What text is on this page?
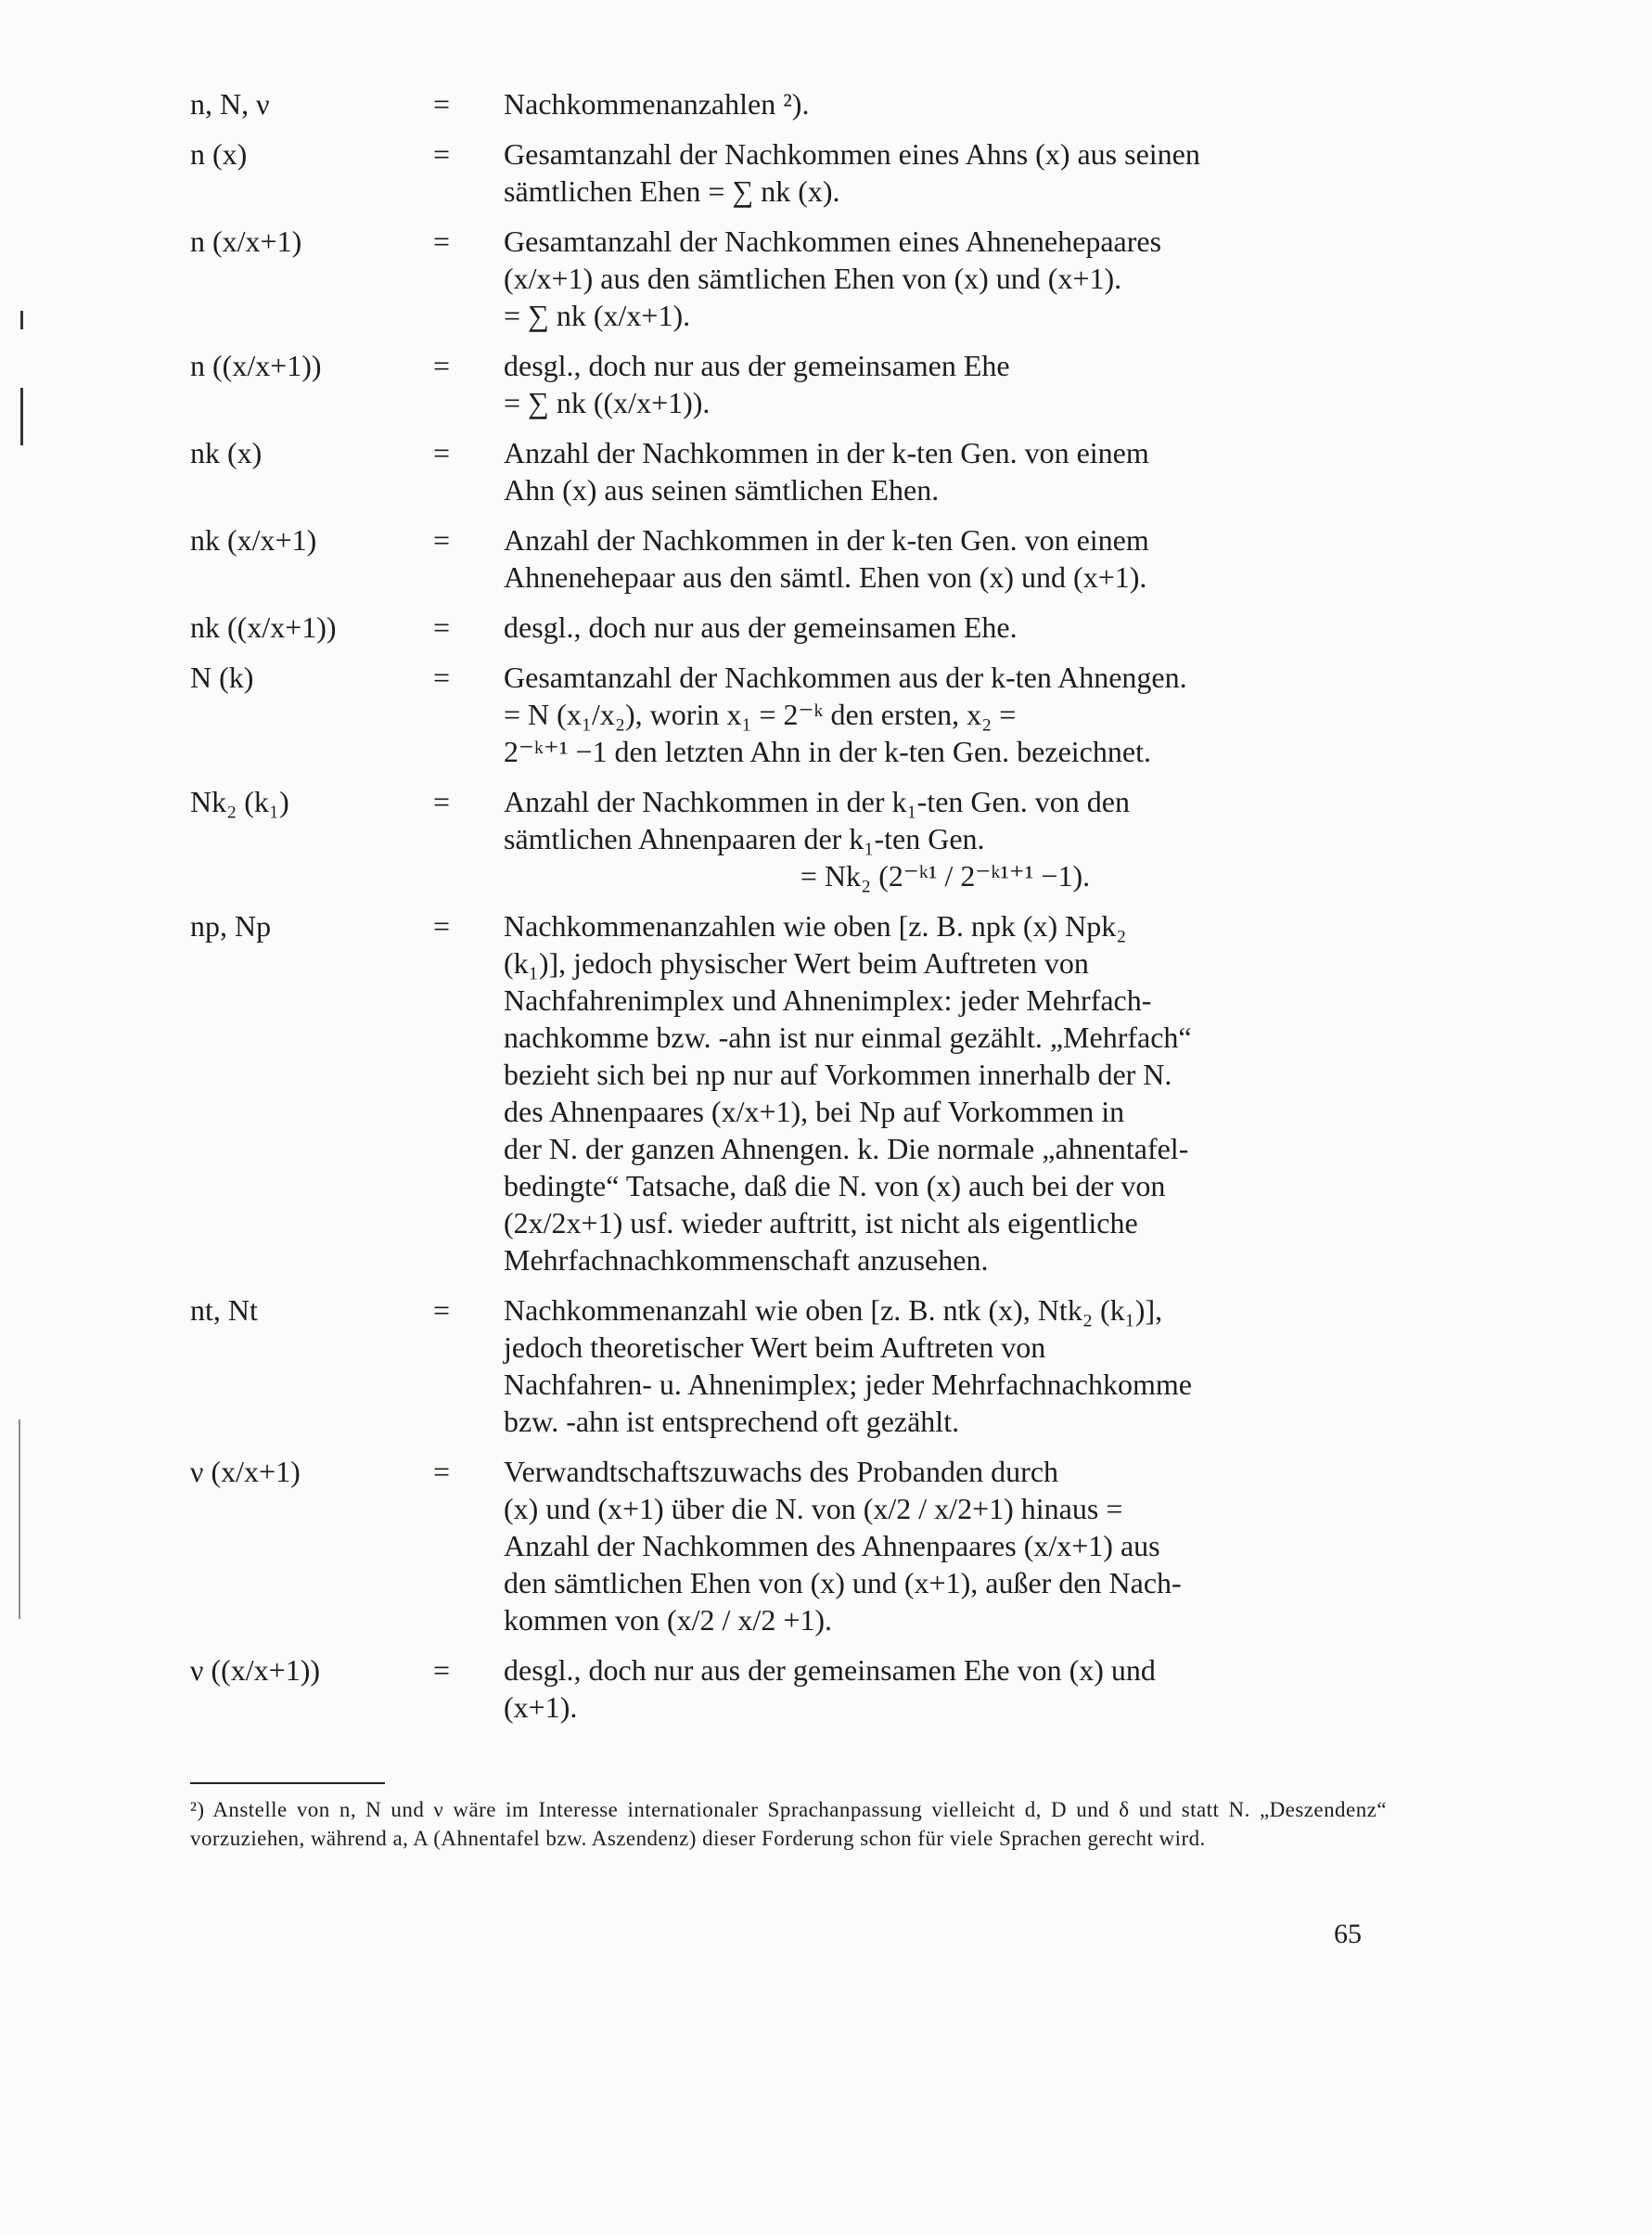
n, N, ν	= Nachkommenanzahlen ²).
n (x)	= Gesamtanzahl der Nachkommen eines Ahns (x) aus seinen
sämtlichen Ehen = ∑ nk (x).
n (x/x+1)	= Gesamtanzahl der Nachkommen eines Ahnenehepaares
(x/x+1) aus den sämtlichen Ehen von (x) und (x+1).
= ∑ nk (x/x+1).
n ((x/x+1))	= desgl., doch nur aus der gemeinsamen Ehe
= ∑ nk ((x/x+1)).
nk (x)	= Anzahl der Nachkommen in der k-ten Gen. von einem
Ahn (x) aus seinen sämtlichen Ehen.
nk (x/x+1)	= Anzahl der Nachkommen in der k-ten Gen. von einem
Ahnenehepaar aus den sämtl. Ehen von (x) und (x+1).
nk ((x/x+1))	= desgl., doch nur aus der gemeinsamen Ehe.
N (k)	= Gesamtanzahl der Nachkommen aus der k-ten Ahnengen.
= N (x₁/x₂), worin x₁ = 2⁻ᵏ den ersten, x₂ =
2⁻ᵏ⁺¹ −1 den letzten Ahn in der k-ten Gen. bezeichnet.
Nk₂ (k₁)	= Anzahl der Nachkommen in der k₁-ten Gen. von den
sämtlichen Ahnenpaaren der k₁-ten Gen.
= Nk₂ (2⁻ᵏ¹ / 2⁻ᵏ¹⁺¹ −1).
np, Np	= Nachkommenanzahlen wie oben [z. B. npk (x) Npk₂
(k₁)], jedoch physischer Wert beim Auftreten von
Nachfahrenimplex und Ahnenimplex: jeder Mehrfach-
nachkomme bzw. -ahn ist nur einmal gezählt. „Mehrfach“
bezieht sich bei np nur auf Vorkommen innerhalb der N.
des Ahnenpaares (x/x+1), bei Np auf Vorkommen in
der N. der ganzen Ahnengen. k. Die normale „ahnentafel-
bedingte“ Tatsache, daß die N. von (x) auch bei der von
(2x/2x+1) usf. wieder auftritt, ist nicht als eigentliche
Mehrfachnachkommenschaft anzusehen.
nt, Nt	= Nachkommenanzahl wie oben [z. B. ntk (x), Ntk₂ (k₁)],
jedoch theoretischer Wert beim Auftreten von
Nachfahren- u. Ahnenimplex; jeder Mehrfachnachkomme
bzw. -ahn ist entsprechend oft gezählt.
ν (x/x+1)	= Verwandtschaftszuwachs des Probanden durch
(x) und (x+1) über die N. von (x/2 / x/2+1) hinaus =
Anzahl der Nachkommen des Ahnenpaares (x/x+1) aus
den sämtlichen Ehen von (x) und (x+1), außer den Nach-
kommen von (x/2 / x/2 +1).
ν ((x/x+1))	= desgl., doch nur aus der gemeinsamen Ehe von (x) und
(x+1).
²) Anstelle von n, N und ν wäre im Interesse internationaler Sprachanpassung vielleicht d, D und δ und statt N. „Deszendenz“ vorzuziehen, während a, A (Ahnentafel bzw. Aszendenz) dieser Forderung schon für viele Sprachen gerecht wird.
65
